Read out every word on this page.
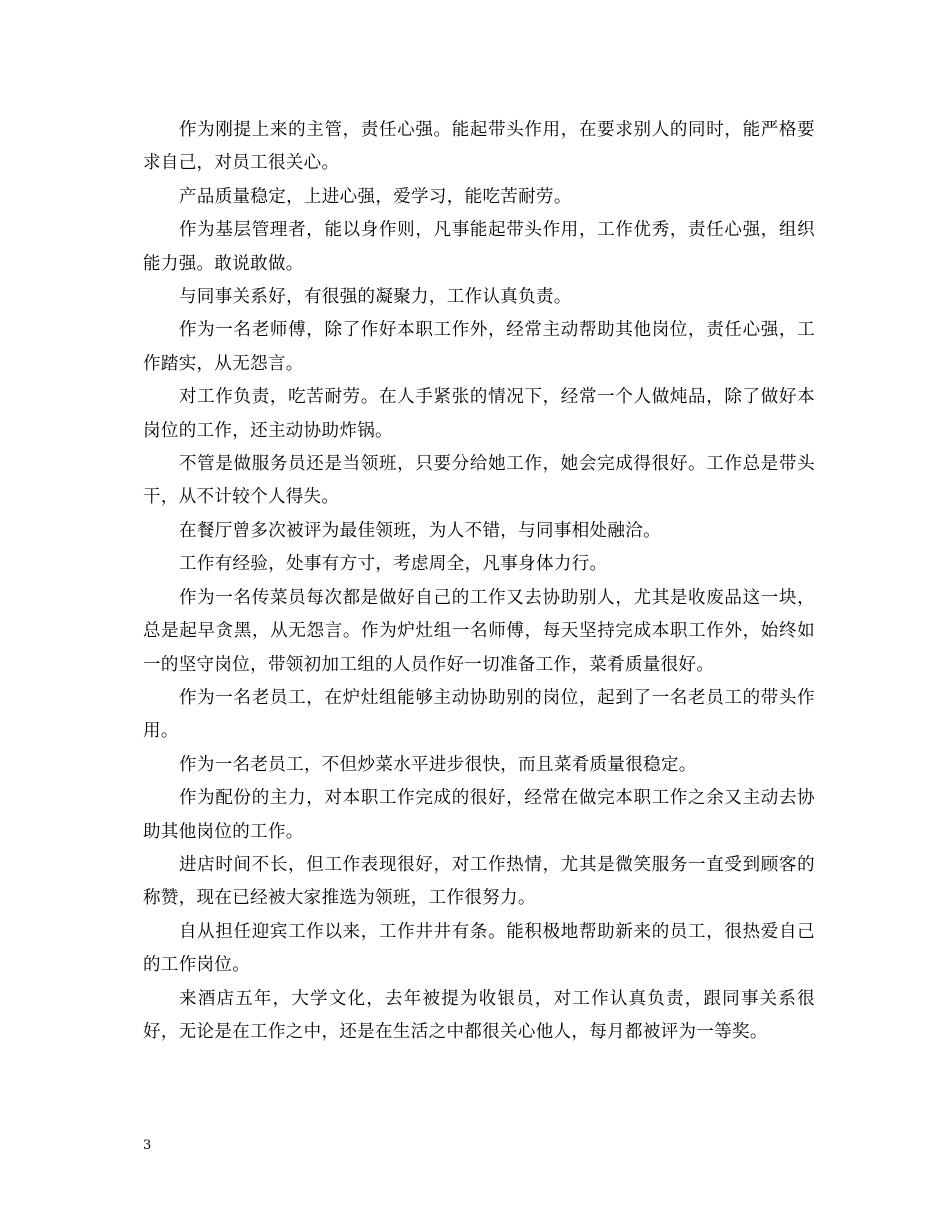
作为刚提上来的主管，责任心强。能起带头作用，在要求别人的同时，能严格要求自己，对员工很关心。

产品质量稳定，上进心强，爱学习，能吃苦耐劳。

作为基层管理者，能以身作则，凡事能起带头作用，工作优秀，责任心强，组织能力强。敢说敢做。

与同事关系好，有很强的凝聚力，工作认真负责。

作为一名老师傅，除了作好本职工作外，经常主动帮助其他岗位，责任心强，工作踏实，从无怨言。

对工作负责，吃苦耐劳。在人手紧张的情况下，经常一个人做炖品，除了做好本岗位的工作，还主动协助炸锅。

不管是做服务员还是当领班，只要分给她工作，她会完成得很好。工作总是带头干，从不计较个人得失。

在餐厅曾多次被评为最佳领班，为人不错，与同事相处融洽。

工作有经验，处事有方寸，考虑周全，凡事身体力行。

作为一名传菜员每次都是做好自己的工作又去协助别人，尤其是收废品这一块，总是起早贪黑，从无怨言。作为炉灶组一名师傅，每天坚持完成本职工作外，始终如一的坚守岗位，带领初加工组的人员作好一切准备工作，菜肴质量很好。

作为一名老员工，在炉灶组能够主动协助别的岗位，起到了一名老员工的带头作用。

作为一名老员工，不但炒菜水平进步很快，而且菜肴质量很稳定。

作为配份的主力，对本职工作完成的很好，经常在做完本职工作之余又主动去协助其他岗位的工作。

进店时间不长，但工作表现很好，对工作热情，尤其是微笑服务一直受到顾客的称赞，现在已经被大家推选为领班，工作很努力。

自从担任迎宾工作以来，工作井井有条。能积极地帮助新来的员工，很热爱自己的工作岗位。

来酒店五年，大学文化，去年被提为收银员，对工作认真负责，跟同事关系很好，无论是在工作之中，还是在生活之中都很关心他人，每月都被评为一等奖。

3
